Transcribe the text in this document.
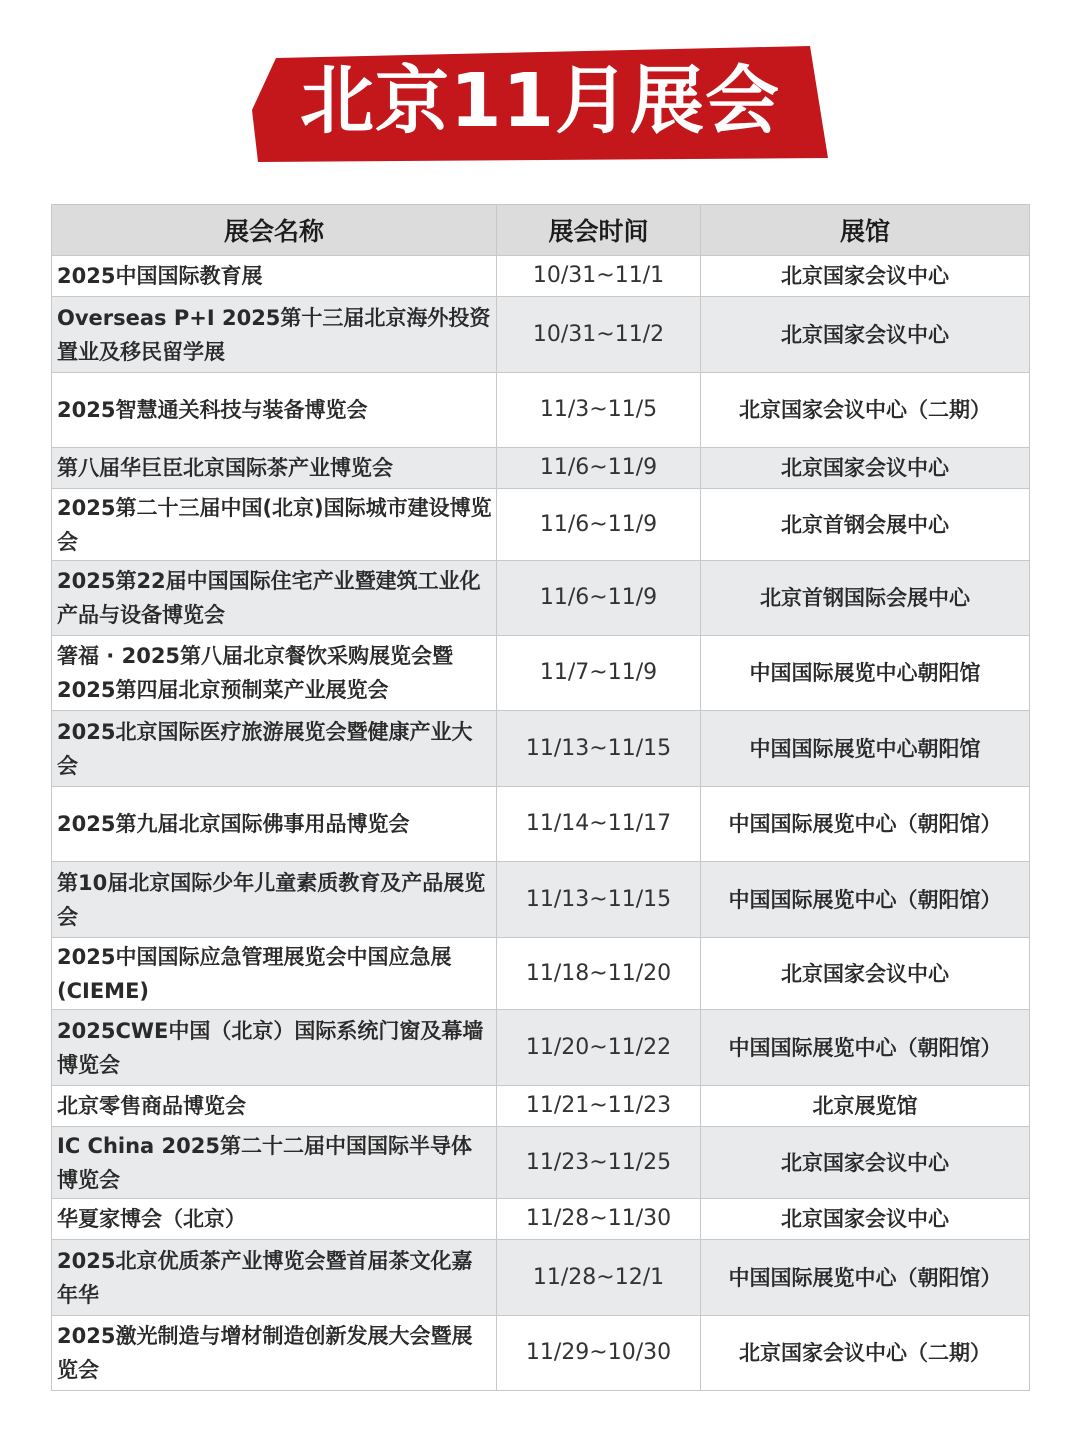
北京11月展会
展会名称	展会时间	展馆
2025中国国际教育展	10/31~11/1	北京国家会议中心
Overseas P+I 2025第十三届北京海外投资置业及移民留学展	10/31~11/2	北京国家会议中心
2025智慧通关科技与装备博览会	11/3~11/5	北京国家会议中心（二期）
第八届华巨臣北京国际茶产业博览会	11/6~11/9	北京国家会议中心
2025第二十三届中国(北京)国际城市建设博览会	11/6~11/9	北京首钢会展中心
2025第22届中国国际住宅产业暨建筑工业化产品与设备博览会	11/6~11/9	北京首钢国际会展中心
箸福 · 2025第八届北京餐饮采购展览会暨2025第四届北京预制菜产业展览会	11/7~11/9	中国国际展览中心朝阳馆
2025北京国际医疗旅游展览会暨健康产业大会	11/13~11/15	中国国际展览中心朝阳馆
2025第九届北京国际佛事用品博览会	11/14~11/17	中国国际展览中心（朝阳馆）
第10届北京国际少年儿童素质教育及产品展览会	11/13~11/15	中国国际展览中心（朝阳馆）
2025中国国际应急管理展览会中国应急展(CIEME)	11/18~11/20	北京国家会议中心
2025CWE中国（北京）国际系统门窗及幕墙博览会	11/20~11/22	中国国际展览中心（朝阳馆）
北京零售商品博览会	11/21~11/23	北京展览馆
IC China 2025第二十二届中国国际半导体博览会	11/23~11/25	北京国家会议中心
华夏家博会（北京）	11/28~11/30	北京国家会议中心
2025北京优质茶产业博览会暨首届茶文化嘉年华	11/28~12/1	中国国际展览中心（朝阳馆）
2025激光制造与增材制造创新发展大会暨展览会	11/29~10/30	北京国家会议中心（二期）
